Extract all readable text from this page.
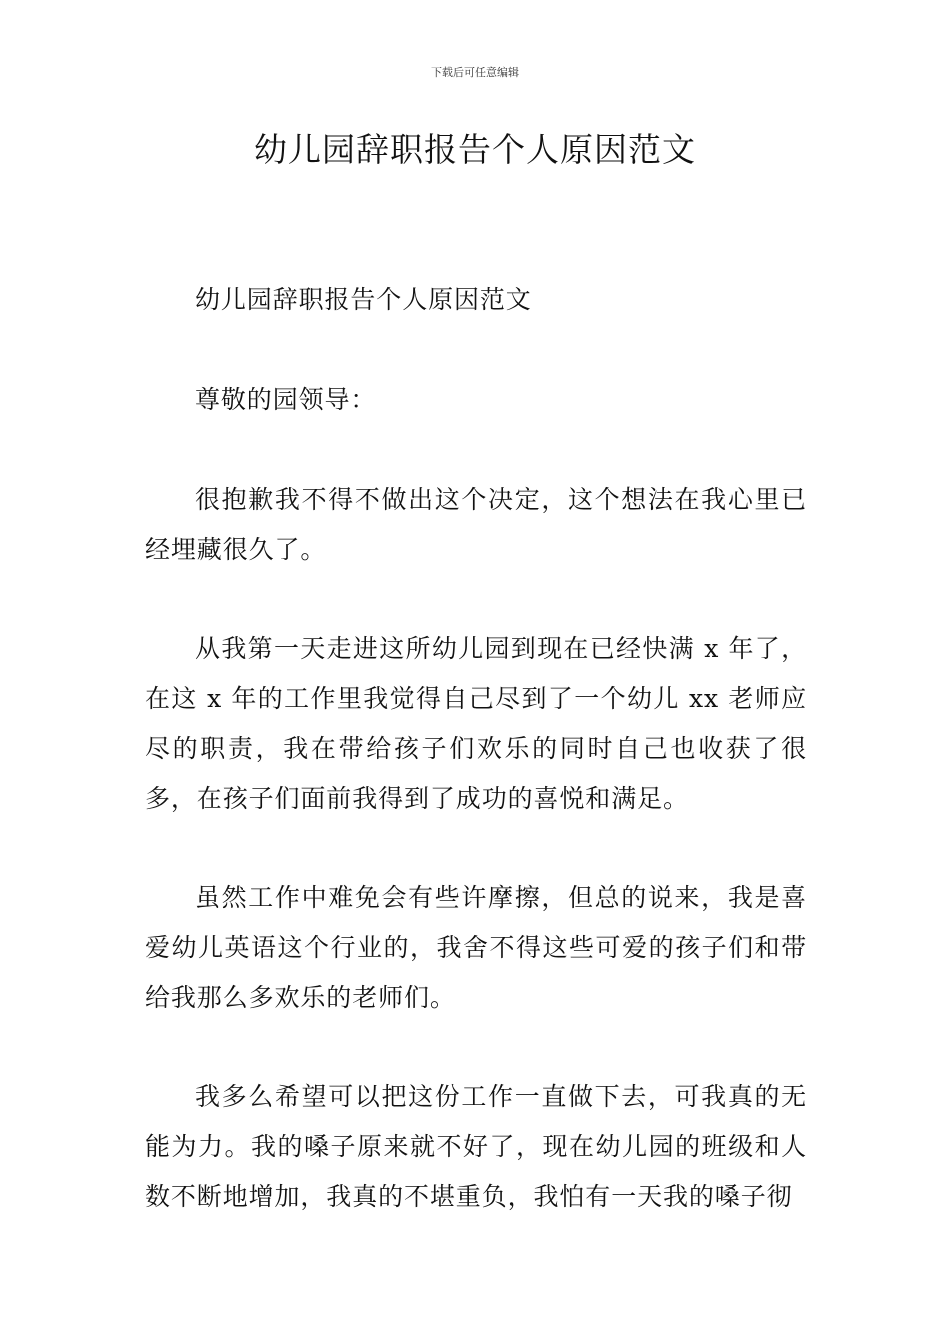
下载后可任意编辑
幼儿园辞职报告个人原因范文

幼儿园辞职报告个人原因范文

尊敬的园领导：

很抱歉我不得不做出这个决定，这个想法在我心里已经埋藏很久了。

从我第一天走进这所幼儿园到现在已经快满 x 年了，在这 x 年的工作里我觉得自己尽到了一个幼儿 xx 老师应尽的职责，我在带给孩子们欢乐的同时自己也收获了很多，在孩子们面前我得到了成功的喜悦和满足。

虽然工作中难免会有些许摩擦，但总的说来，我是喜爱幼儿英语这个行业的，我舍不得这些可爱的孩子们和带给我那么多欢乐的老师们。

我多么希望可以把这份工作一直做下去，可我真的无能为力。我的嗓子原来就不好了，现在幼儿园的班级和人数不断地增加，我真的不堪重负，我怕有一天我的嗓子彻
